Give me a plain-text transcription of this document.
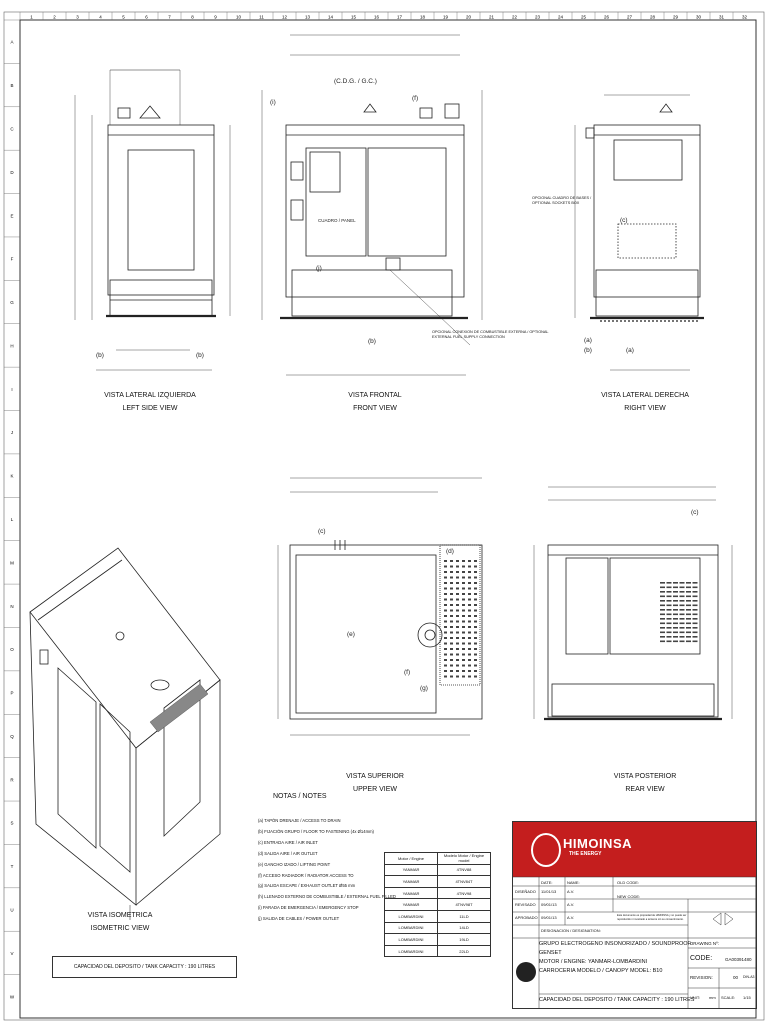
1	2	3	4	5	6	7	8	9	10	11	12	13	14	15	16	17	18	19	20	21	22	23	24	25	26	27	28	29	30	31	32
A
B
C
D
E
F
G
H
I
J
K
L
M
N
O
P
Q
R
S
T
U
V
W
VISTA LATERAL IZQUIERDA
LEFT SIDE VIEW
(b)	(b)
(C.D.G. / G.C.)
CUADRO / PANEL
(i)
(f)
(j)
(b)
OPCIONAL CONEXION DE COMBUSTIBLE EXTERNA / OPTIONAL EXTERNAL FUEL SUPPLY CONNECTION
VISTA FRONTAL
FRONT VIEW
OPCIONAL CUADRO DE BASES / OPTIONAL SOCKETS BOX
(c)
(a)
(b)	(a)
VISTA LATERAL DERECHA
RIGHT VIEW
(c)
(e)
(f)
(g)
(d)
VISTA SUPERIOR
UPPER VIEW
(c)
VISTA POSTERIOR
REAR VIEW
VISTA ISOMETRICA
ISOMETRIC VIEW
NOTAS / NOTES
(a) TAPÓN DRENAJE / ACCESS TO DRAIN
(b) FIJACIÓN GRUPO / FLOOR TO FASTENING (4x Ø14mm)
(c) ENTRADA AIRE / AIR INLET
(d) SALIDA AIRE / AIR OUTLET
(e) GANCHO IZADO / LIFTING POINT
(f) ACCESO RADIADOR / RADIATOR ACCESS TO
(g) SALIDA ESCAPE / EXHAUST OUTLET Ø55 mm
(h) LLENADO EXTERNO DE COMBUSTIBLE / EXTERNAL FUEL FILLED
(i) PARADA DE EMERGENCIA / EMERGENCY STOP
(j) SALIDA DE CABLES / POWER OUTLET
Motor / Engine	Modelo Motor / Engine model
YANMAR	4TNV88
YANMAR	4TNV84T
YANMAR	4TNV98
YANMAR	4TNV98T
LOMBARDINI	11LD
LOMBARDINI	14LD
LOMBARDINI	19LD
LOMBARDINI	22LD
CAPACIDAD DEL DEPOSITO / TANK CAPACITY : 190 LITRES
HIMOINSA
THE ENERGY
DATE:	NAME:	OLD CODE:
NEW CODE:
DISEÑADO 11/01/13	A.V.
REVISADO 09/01/13	A.V.
APROBADO 09/01/13	A.V.	Este documento es propiedad de HIMOINSA y no puede ser reproducido ni mostrado a terceros sin su consentimiento.
DESIGNACION / DESIGNATION:
GRUPO ELECTROGENO INSONORIZADO / SOUNDPROOF GENSET
MOTOR / ENGINE: YANMAR-LOMBARDINI
CARROCERIA MODELO / CANOPY MODEL: B10
CAPACIDAD DEL DEPOSITO / TANK CAPACITY : 190 LITRES
DRAWING Nº:
CODE:	GA00391480
REVISION:	00 DIN-A3
UNIT: mm SCALE: 1/15
